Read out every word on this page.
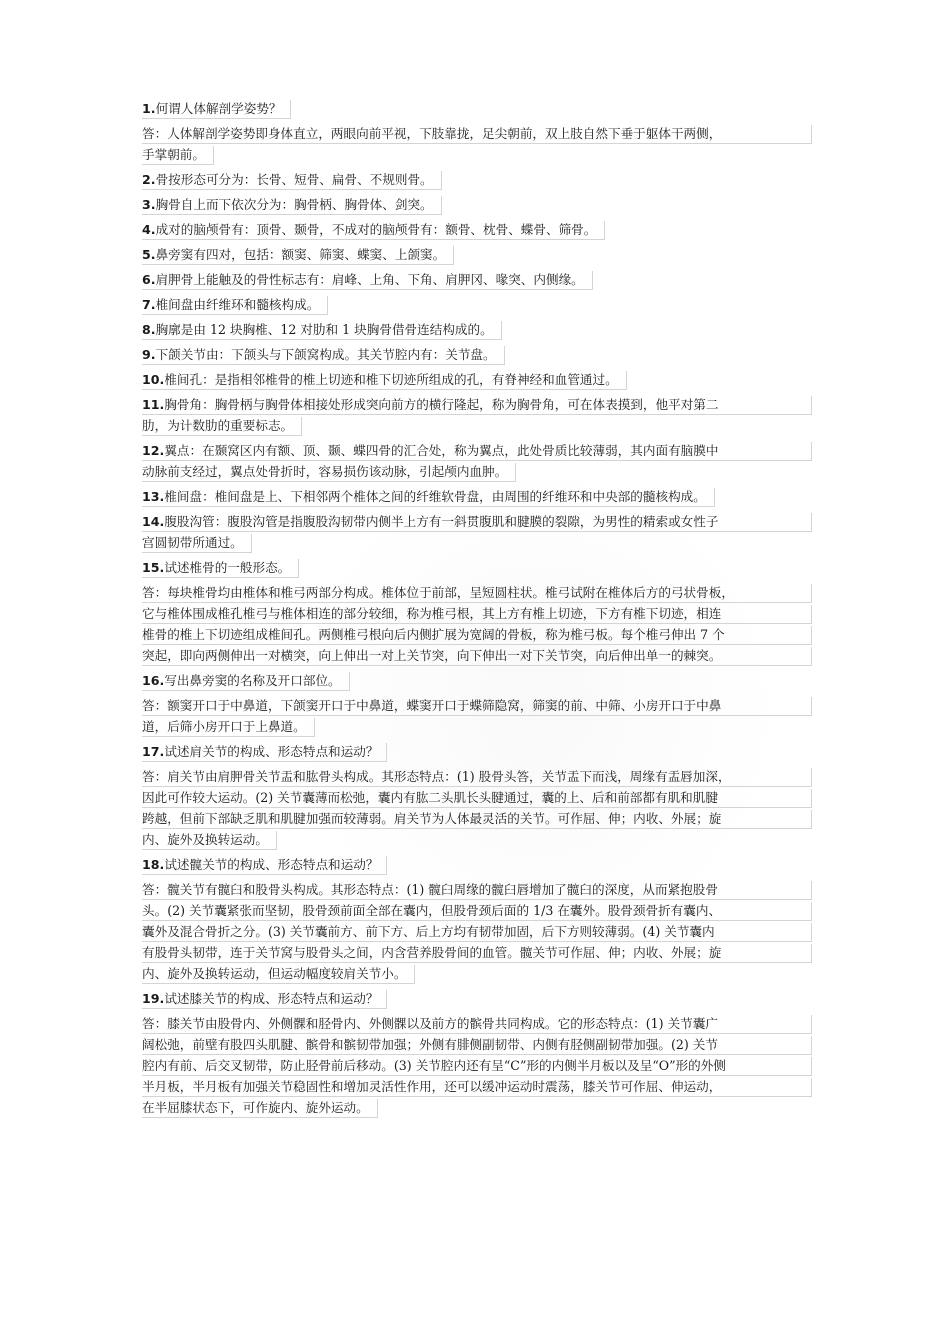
1.何谓人体解剖学姿势？
答：人体解剖学姿势即身体直立，两眼向前平视，下肢靠拢，足尖朝前，双上肢自然下垂于躯体干两侧，
手掌朝前。
2.骨按形态可分为：长骨、短骨、扁骨、不规则骨。
3.胸骨自上而下依次分为：胸骨柄、胸骨体、剑突。
4.成对的脑颅骨有：顶骨、颞骨，不成对的脑颅骨有：额骨、枕骨、蝶骨、筛骨。
5.鼻旁窦有四对，包括：额窦、筛窦、蝶窦、上颌窦。
6.肩胛骨上能触及的骨性标志有：肩峰、上角、下角、肩胛冈、喙突、内侧缘。
7.椎间盘由纤维环和髓核构成。
8.胸廓是由 12 块胸椎、12 对肋和 1 块胸骨借骨连结构成的。
9.下颌关节由：下颌头与下颌窝构成。其关节腔内有：关节盘。
10.椎间孔：是指相邻椎骨的椎上切迹和椎下切迹所组成的孔，有脊神经和血管通过。
11.胸骨角：胸骨柄与胸骨体相接处形成突向前方的横行隆起，称为胸骨角，可在体表摸到，他平对第二
肋，为计数肋的重要标志。
12.翼点：在颞窝区内有额、顶、颞、蝶四骨的汇合处，称为翼点，此处骨质比较薄弱，其内面有脑膜中
动脉前支经过，翼点处骨折时，容易损伤该动脉，引起颅内血肿。
13.椎间盘：椎间盘是上、下相邻两个椎体之间的纤维软骨盘，由周围的纤维环和中央部的髓核构成。
14.腹股沟管：腹股沟管是指腹股沟韧带内侧半上方有一斜贯腹肌和腱膜的裂隙，为男性的精索或女性子
宫圆韧带所通过。
15.试述椎骨的一般形态。
答：每块椎骨均由椎体和椎弓两部分构成。椎体位于前部，呈短圆柱状。椎弓试附在椎体后方的弓状骨板，
它与椎体围成椎孔椎弓与椎体相连的部分较细，称为椎弓根，其上方有椎上切迹，下方有椎下切迹，相连
椎骨的椎上下切迹组成椎间孔。两侧椎弓根向后内侧扩展为宽阔的骨板，称为椎弓板。每个椎弓伸出 7 个
突起，即向两侧伸出一对横突，向上伸出一对上关节突，向下伸出一对下关节突，向后伸出单一的棘突。
16.写出鼻旁窦的名称及开口部位。
答：额窦开口于中鼻道，下颌窦开口于中鼻道，蝶窦开口于蝶筛隐窝，筛窦的前、中筛、小房开口于中鼻
道，后筛小房开口于上鼻道。
17.试述肩关节的构成、形态特点和运动？
答：肩关节由肩胛骨关节盂和肱骨头构成。其形态特点：(1) 股骨头答，关节盂下而浅，周缘有盂唇加深，
因此可作较大运动。(2) 关节囊薄而松弛，囊内有肱二头肌长头腱通过，囊的上、后和前部都有肌和肌腱
跨越，但前下部缺乏肌和肌腱加强而较薄弱。肩关节为人体最灵活的关节。可作屈、伸；内收、外展；旋
内、旋外及换转运动。
18.试述髋关节的构成、形态特点和运动？
答：髋关节有髋臼和股骨头构成。其形态特点：(1) 髋臼周缘的髋臼唇增加了髋臼的深度，从而紧抱股骨
头。(2) 关节囊紧张而坚韧，股骨颈前面全部在囊内，但股骨颈后面的 1/3 在囊外。股骨颈骨折有囊内、
囊外及混合骨折之分。(3) 关节囊前方、前下方、后上方均有韧带加固，后下方则较薄弱。(4) 关节囊内
有股骨头韧带，连于关节窝与股骨头之间，内含营养股骨间的血管。髋关节可作屈、伸；内收、外展；旋
内、旋外及换转运动，但运动幅度较肩关节小。
19.试述膝关节的构成、形态特点和运动？
答：膝关节由股骨内、外侧髁和胫骨内、外侧髁以及前方的髌骨共同构成。它的形态特点：(1) 关节囊广
阔松弛，前壁有股四头肌腱、髌骨和髌韧带加强；外侧有腓侧副韧带、内侧有胫侧副韧带加强。(2) 关节
腔内有前、后交叉韧带，防止胫骨前后移动。(3) 关节腔内还有呈“C”形的内侧半月板以及呈“O”形的外侧
半月板，半月板有加强关节稳固性和增加灵活性作用，还可以缓冲运动时震荡，膝关节可作屈、伸运动，
在半屈膝状态下，可作旋内、旋外运动。
